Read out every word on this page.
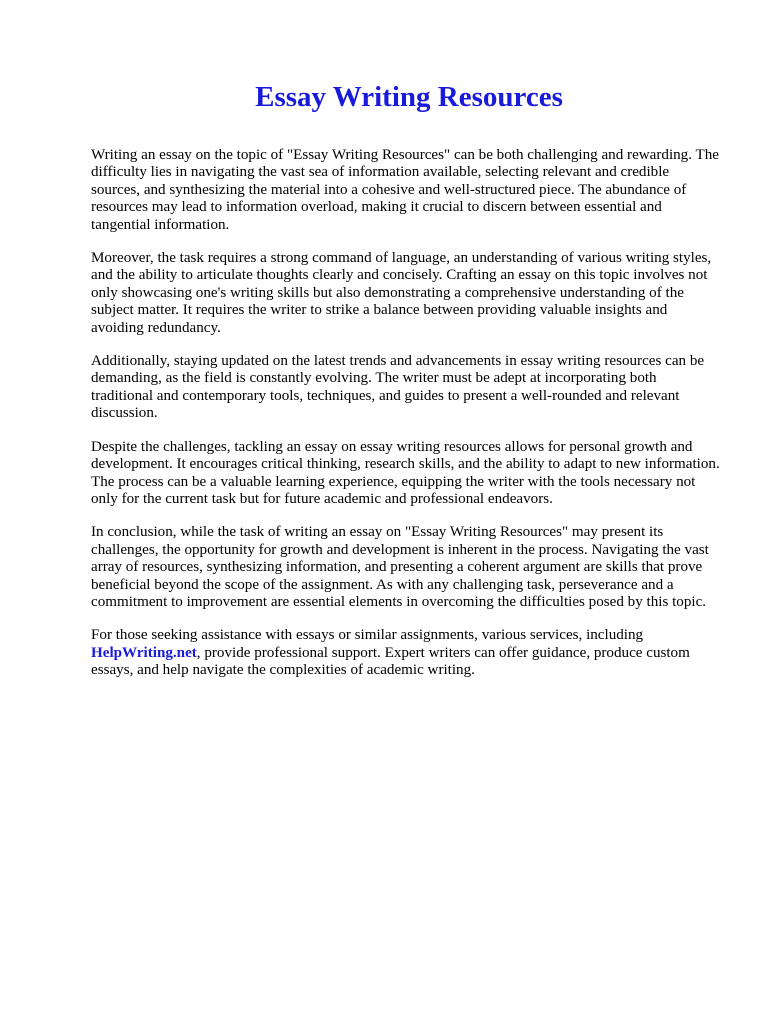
Essay Writing Resources

Writing an essay on the topic of "Essay Writing Resources" can be both challenging and rewarding. The difficulty lies in navigating the vast sea of information available, selecting relevant and credible sources, and synthesizing the material into a cohesive and well-structured piece. The abundance of resources may lead to information overload, making it crucial to discern between essential and tangential information.

Moreover, the task requires a strong command of language, an understanding of various writing styles, and the ability to articulate thoughts clearly and concisely. Crafting an essay on this topic involves not only showcasing one's writing skills but also demonstrating a comprehensive understanding of the subject matter. It requires the writer to strike a balance between providing valuable insights and avoiding redundancy.

Additionally, staying updated on the latest trends and advancements in essay writing resources can be demanding, as the field is constantly evolving. The writer must be adept at incorporating both traditional and contemporary tools, techniques, and guides to present a well-rounded and relevant discussion.

Despite the challenges, tackling an essay on essay writing resources allows for personal growth and development. It encourages critical thinking, research skills, and the ability to adapt to new information. The process can be a valuable learning experience, equipping the writer with the tools necessary not only for the current task but for future academic and professional endeavors.

In conclusion, while the task of writing an essay on "Essay Writing Resources" may present its challenges, the opportunity for growth and development is inherent in the process. Navigating the vast array of resources, synthesizing information, and presenting a coherent argument are skills that prove beneficial beyond the scope of the assignment. As with any challenging task, perseverance and a commitment to improvement are essential elements in overcoming the difficulties posed by this topic.

For those seeking assistance with essays or similar assignments, various services, including HelpWriting.net, provide professional support. Expert writers can offer guidance, produce custom essays, and help navigate the complexities of academic writing.
